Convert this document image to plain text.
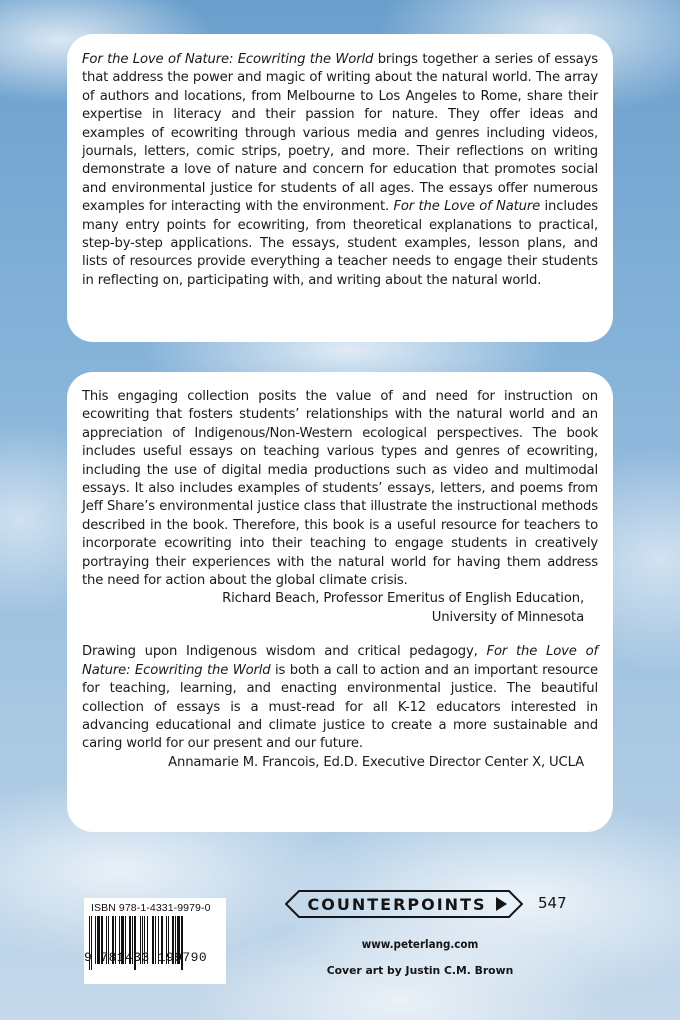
For the Love of Nature: Ecowriting the World brings together a series of essays that address the power and magic of writing about the natural world. The array of authors and locations, from Melbourne to Los Angeles to Rome, share their expertise in literacy and their passion for nature. They offer ideas and examples of ecowriting through various media and genres including videos, journals, letters, comic strips, poetry, and more. Their reflections on writing demonstrate a love of nature and concern for education that promotes social and environmental justice for students of all ages. The essays offer numerous examples for interacting with the environment. For the Love of Nature includes many entry points for ecowriting, from theoretical explanations to practical, step-by-step applications. The essays, student examples, lesson plans, and lists of resources provide everything a teacher needs to engage their students in reflecting on, participating with, and writing about the natural world.

This engaging collection posits the value of and need for instruction on ecowriting that fosters students’ relationships with the natural world and an appreciation of Indigenous/Non-Western ecological perspectives. The book includes useful essays on teaching various types and genres of ecowriting, including the use of digital media productions such as video and multimodal essays. It also includes examples of students’ essays, letters, and poems from Jeff Share’s environmental justice class that illustrate the instructional methods described in the book. Therefore, this book is a useful resource for teachers to incorporate ecowriting into their teaching to engage students in creatively portraying their experiences with the natural world for having them address the need for action about the global climate crisis.

Richard Beach, Professor Emeritus of English Education,

University of Minnesota

Drawing upon Indigenous wisdom and critical pedagogy, For the Love of Nature: Ecowriting the World is both a call to action and an important resource for teaching, learning, and enacting environmental justice. The beautiful collection of essays is a must-read for all K-12 educators interested in advancing educational and climate justice to create a more sustainable and caring world for our present and our future.

Annamarie M. Francois, Ed.D. Executive Director Center X, UCLA

ISBN 978-1-4331-9979-0
9 781433 199790
COUNTERPOINTS	547
www.peterlang.com
Cover art by Justin C.M. Brown
